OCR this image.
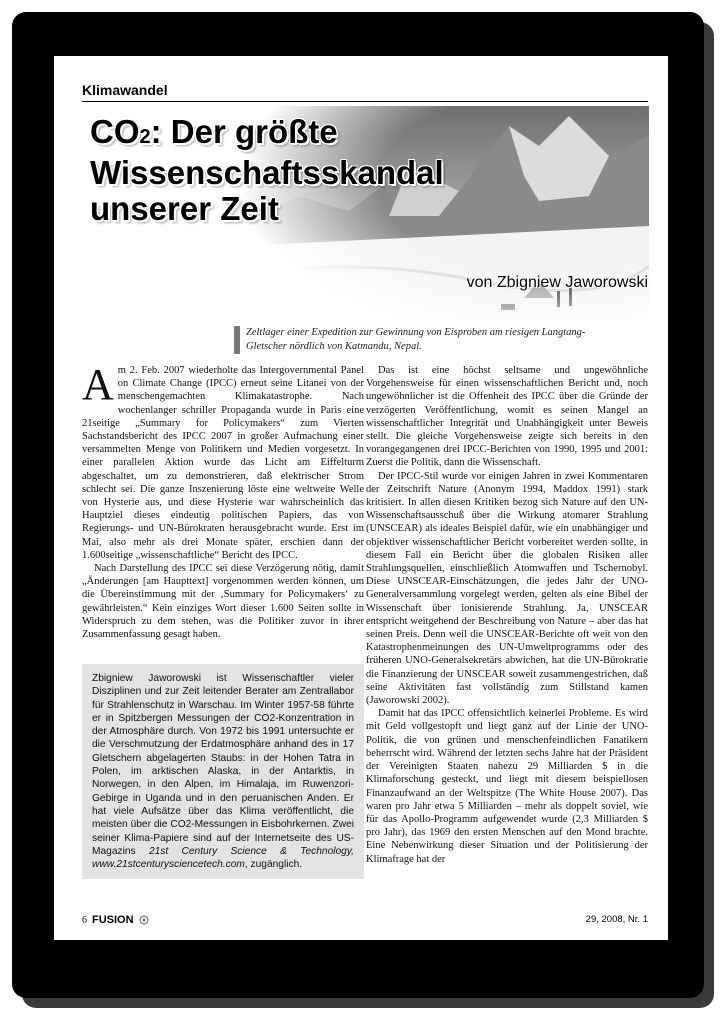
Klimawandel
CO2: Der größte
Wissenschaftsskandal
unserer Zeit
von Zbigniew Jaworowski
Zeltlager einer Expedition zur Gewinnung von Eisproben am riesigen Langtang-Gletscher nördlich von Katmandu, Nepal.

Am 2. Feb. 2007 wiederholte das Intergovernmental Panel on Climate Change (IPCC) erneut seine Litanei von der menschengemachten Klimakatastrophe. Nach wochenlanger schriller Propaganda wurde in Paris eine 21seitige „Summary for Policymakers“ zum Vierten Sachstandsbericht des IPCC 2007 in großer Aufmachung einer versammelten Menge von Politikern und Medien vorgesetzt. In einer parallelen Aktion wurde das Licht am Eiffelturm abgeschaltet, um zu demonstrieren, daß elektrischer Strom schlecht sei. Die ganze Inszenierung löste eine weltweite Welle von Hysterie aus, und diese Hysterie war wahrscheinlich das Hauptziel dieses eindeutig politischen Papiers, das von Regierungs- und UN-Bürokraten herausgebracht wurde. Erst im Mai, also mehr als drei Monate später, erschien dann der 1.600seitige „wissenschaftliche“ Bericht des IPCC.

Nach Darstellung des IPCC sei diese Verzögerung nötig, damit „Änderungen [am Haupttext] vorgenommen werden können, um die Übereinstimmung mit der ‚Summary for Policymakers‘ zu gewährleisten.“ Kein einziges Wort dieser 1.600 Seiten sollte in Widerspruch zu dem stehen, was die Politiker zuvor in ihrer Zusammenfassung gesagt haben.

Zbigniew Jaworowski ist Wissenschaftler vieler Disziplinen und zur Zeit leitender Berater am Zentrallabor für Strahlenschutz in Warschau. Im Winter 1957-58 führte er in Spitzbergen Messungen der CO2-Konzentration in der Atmosphäre durch. Von 1972 bis 1991 untersuchte er die Verschmutzung der Erdatmosphäre anhand des in 17 Gletschern abgelagerten Staubs: in der Hohen Tatra in Polen, im arktischen Alaska, in der Antarktis, in Norwegen, in den Alpen, im Himalaja, im Ruwenzori-Gebirge in Uganda und in den peruanischen Anden. Er hat viele Aufsätze über das Klima veröffentlicht, die meisten über die CO2-Messungen in Eisbohrkernen. Zwei seiner Klima-Papiere sind auf der Internetseite des US-Magazins 21st Century Science & Technology, www.21stcenturysciencetech.com, zugänglich.

Das ist eine höchst seltsame und ungewöhnliche Vorgehensweise für einen wissenschaftlichen Bericht und, noch ungewöhnlicher ist die Offenheit des IPCC über die Gründe der verzögerten Veröffentlichung, womit es seinen Mangel an wissenschaftlicher Integrität und Unabhängigkeit unter Beweis stellt. Die gleiche Vorgehensweise zeigte sich bereits in den vorangegangenen drei IPCC-Berichten von 1990, 1995 und 2001: Zuerst die Politik, dann die Wissenschaft.

Der IPCC-Stil wurde vor einigen Jahren in zwei Kommentaren der Zeitschrift Nature (Anonym 1994, Maddox 1991) stark kritisiert. In allen diesen Kritiken bezog sich Nature auf den UN-Wissenschaftsausschuß über die Wirkung atomarer Strahlung (UNSCEAR) als ideales Beispiel dafür, wie ein unabhängiger und objektiver wissenschaftlicher Bericht vorbereitet werden sollte, in diesem Fall ein Bericht über die globalen Risiken aller Strahlungsquellen, einschließlich Atomwaffen und Tschernobyl. Diese UNSCEAR-Einschätzungen, die jedes Jahr der UNO-Generalversammlung vorgelegt werden, gelten als eine Bibel der Wissenschaft über ionisierende Strahlung. Ja, UNSCEAR entspricht weitgehend der Beschreibung von Nature – aber das hat seinen Preis. Denn weil die UNSCEAR-Berichte oft weit von den Katastrophenmeinungen des UN-Umweltprogramms oder des früheren UNO-Generalsekretärs abwichen, hat die UN-Bürokratie die Finanzierung der UNSCEAR soweit zusammengestrichen, daß seine Aktivitäten fast vollständig zum Stillstand kamen (Jaworowski 2002).

Damit hat das IPCC offensichtlich keinerlei Probleme. Es wird mit Geld vollgestopft und liegt ganz auf der Linie der UNO-Politik, die von grünen und menschenfeindlichen Fanatikern beherrscht wird. Während der letzten sechs Jahre hat der Präsident der Vereinigten Staaten nahezu 29 Milliarden $ in die Klimaforschung gesteckt, und liegt mit diesem beispiellosen Finanzaufwand an der Weltspitze (The White House 2007). Das waren pro Jahr etwa 5 Milliarden – mehr als doppelt soviel, wie für das Apollo-Programm aufgewendet wurde (2,3 Milliarden $ pro Jahr), das 1969 den ersten Menschen auf den Mond brachte. Eine Nebenwirkung dieser Situation und der Politisierung der Klimafrage hat der

6 FUSION	29, 2008, Nr. 1
